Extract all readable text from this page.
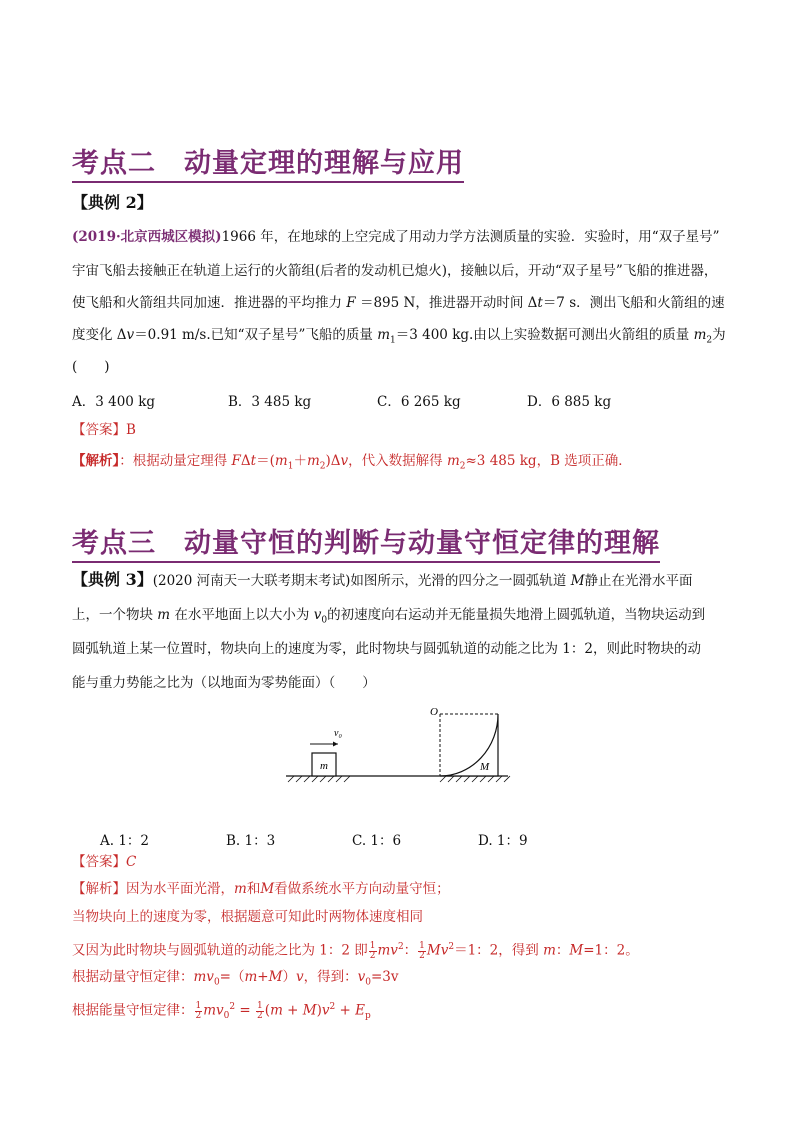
考点二　动量定理的理解与应用
【典例 2】
(2019·北京西城区模拟)1966 年，在地球的上空完成了用动力学方法测质量的实验．实验时，用“双子星号”
宇宙飞船去接触正在轨道上运行的火箭组(后者的发动机已熄火)，接触以后，开动“双子星号”飞船的推进器，
使飞船和火箭组共同加速．推进器的平均推力 F ＝895 N，推进器开动时间 Δt＝7 s．测出飞船和火箭组的速
度变化 Δv＝0.91 m/s.已知“双子星号”飞船的质量 $m_1=3$ 400 kg.由以上实验数据可测出火箭组的质量 $m_2$为
(　　)
A．3 400 kg	B．3 485 kg	C．6 265 kg	D．6 885 kg
【答案】B
【解析】：根据动量定理得 $F\Delta t=(m_1+m_2)\Delta v$，代入数据解得 $m_2\approx 3$ 485 kg，B 选项正确．
考点三　动量守恒的判断与动量守恒定律的理解
【典例 3】(2020 河南天一大联考期末考试)如图所示，光滑的四分之一圆弧轨道 M静止在光滑水平面
上，一个物块 m 在水平地面上以大小为 $v_0$的初速度向右运动并无能量损失地滑上圆弧轨道，当物块运动到
圆弧轨道上某一位置时，物块向上的速度为零，此时物块与圆弧轨道的动能之比为 1：2，则此时物块的动
能与重力势能之比为（以地面为零势能面）（　　）
m
v₀
O
M
A. 1：2	B. 1：3	C. 1：6	D. 1：9
【答案】C
【解析】因为水平面光滑，m和M看做系统水平方向动量守恒；
当物块向上的速度为零，根据题意可知此时两物体速度相同
又因为此时物块与圆弧轨道的动能之比为 1：2 即 $\frac{1}{2} mv^2$： $\frac{1}{2} Mv^2=1$：2，得到 m：M=1：2。
根据动量守恒定律：$mv_0=(m+M)v$，得到：$v_0=3v$
根据能量守恒定律： $\frac{1}{2} mv_0^2 = \frac{1}{2} (m + M)v^2 + E_p$
